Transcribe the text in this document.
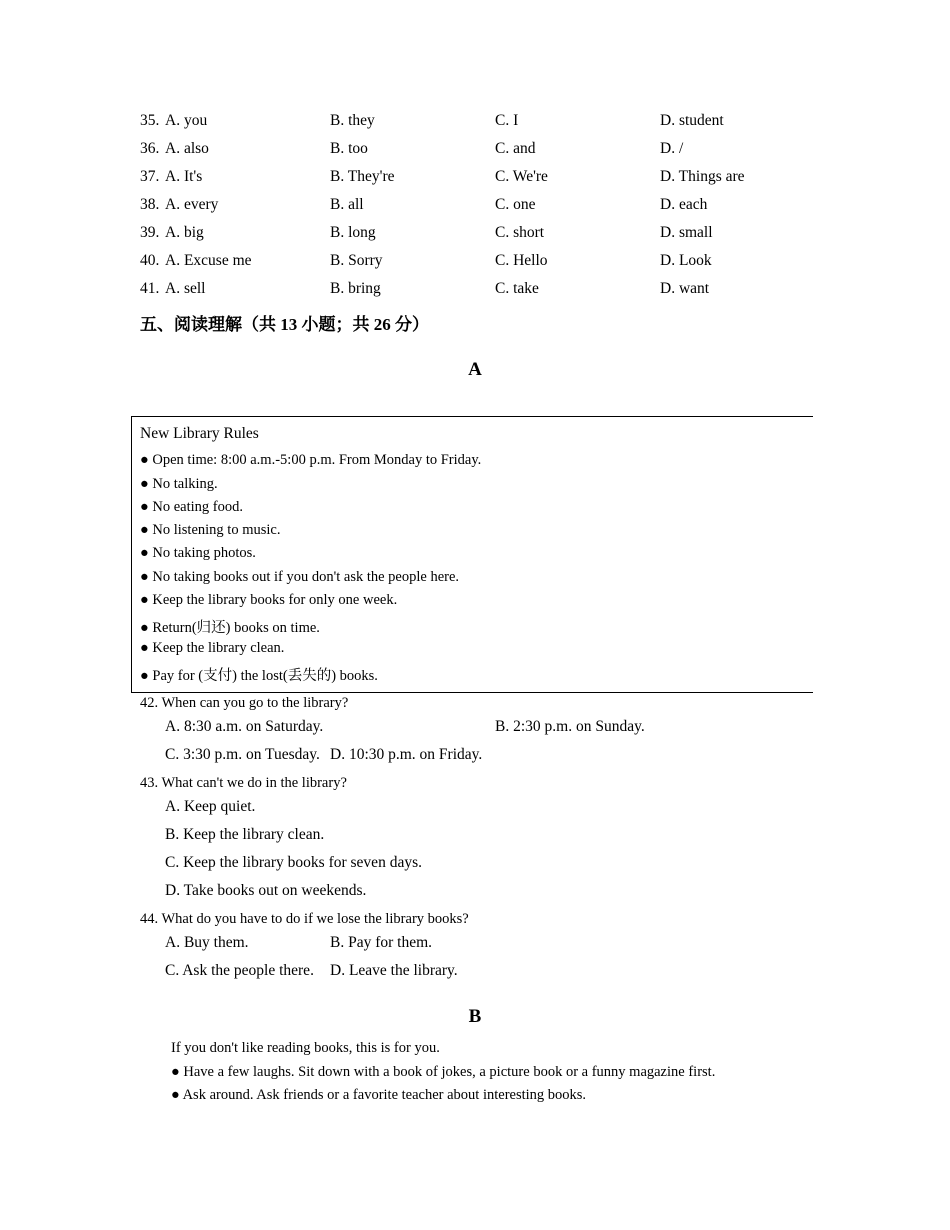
35. A. you	B. they	C. I	D. student
36. A. also	B. too	C. and	D. /
37. A. It's	B. They're	C. We're	D. Things are
38. A. every	B. all	C. one	D. each
39. A. big	B. long	C. short	D. small
40. A. Excuse me	B. Sorry	C. Hello	D. Look
41. A. sell	B. bring	C. take	D. want
五、阅读理解（共 13 小题；共 26 分）
A
New Library Rules
● Open time: 8:00 a.m.-5:00 p.m. From Monday to Friday.
● No talking.
● No eating food.
● No listening to music.
● No taking photos.
● No taking books out if you don't ask the people here.
● Keep the library books for only one week.
● Return(归还) books on time.
● Keep the library clean.
● Pay for (支付) the lost(丢失的) books.
42. When can you go to the library?
A. 8:30 a.m. on Saturday.	B. 2:30 p.m. on Sunday.
C. 3:30 p.m. on Tuesday. D. 10:30 p.m. on Friday.
43. What can't we do in the library?
A. Keep quiet.
B. Keep the library clean.
C. Keep the library books for seven days.
D. Take books out on weekends.
44. What do you have to do if we lose the library books?
A. Buy them.	B. Pay for them.
C. Ask the people there. D. Leave the library.
B
If you don't like reading books, this is for you.
● Have a few laughs. Sit down with a book of jokes, a picture book or a funny magazine first.
● Ask around. Ask friends or a favorite teacher about interesting books.
